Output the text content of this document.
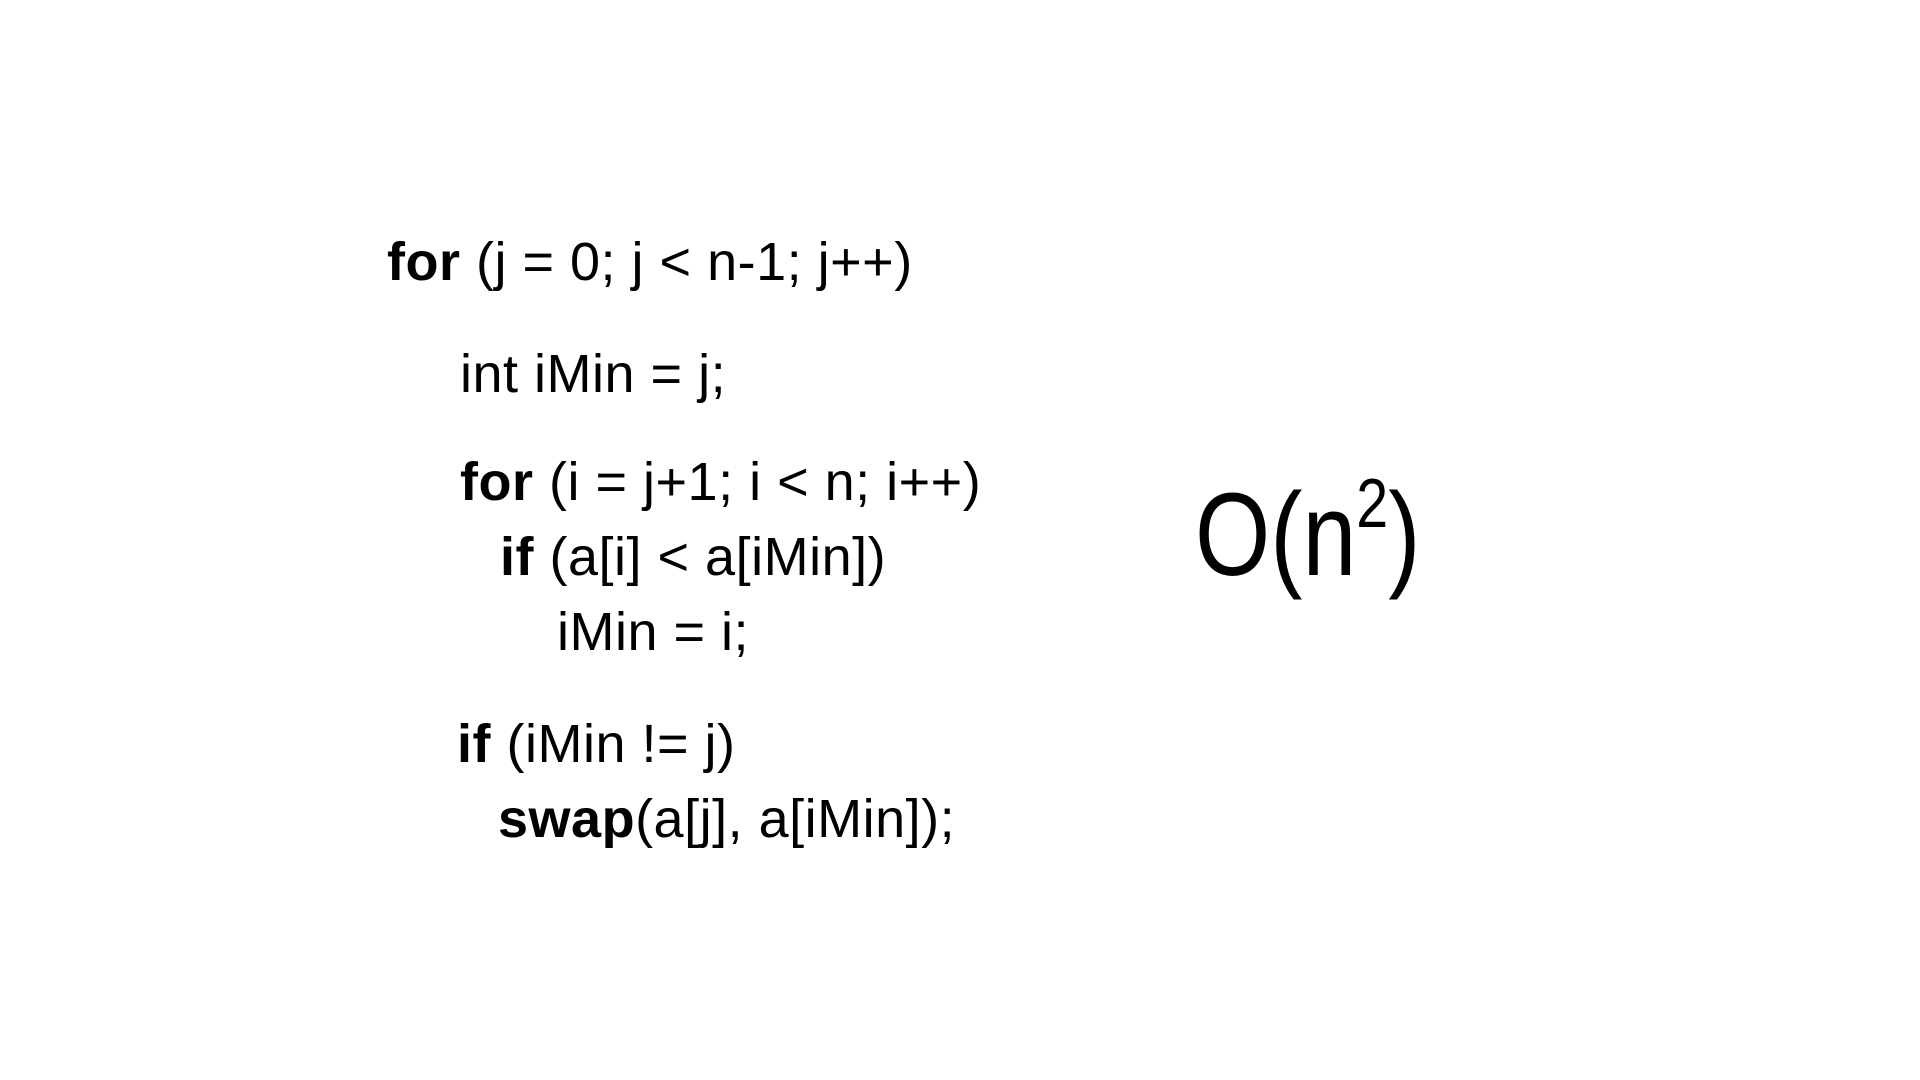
for (j = 0; j < n-1; j++)
int iMin = j;
for (i = j+1; i < n; i++)
if (a[i] < a[iMin])
iMin = i;
if (iMin != j)
swap(a[j], a[iMin]);
$O(n^2)$
